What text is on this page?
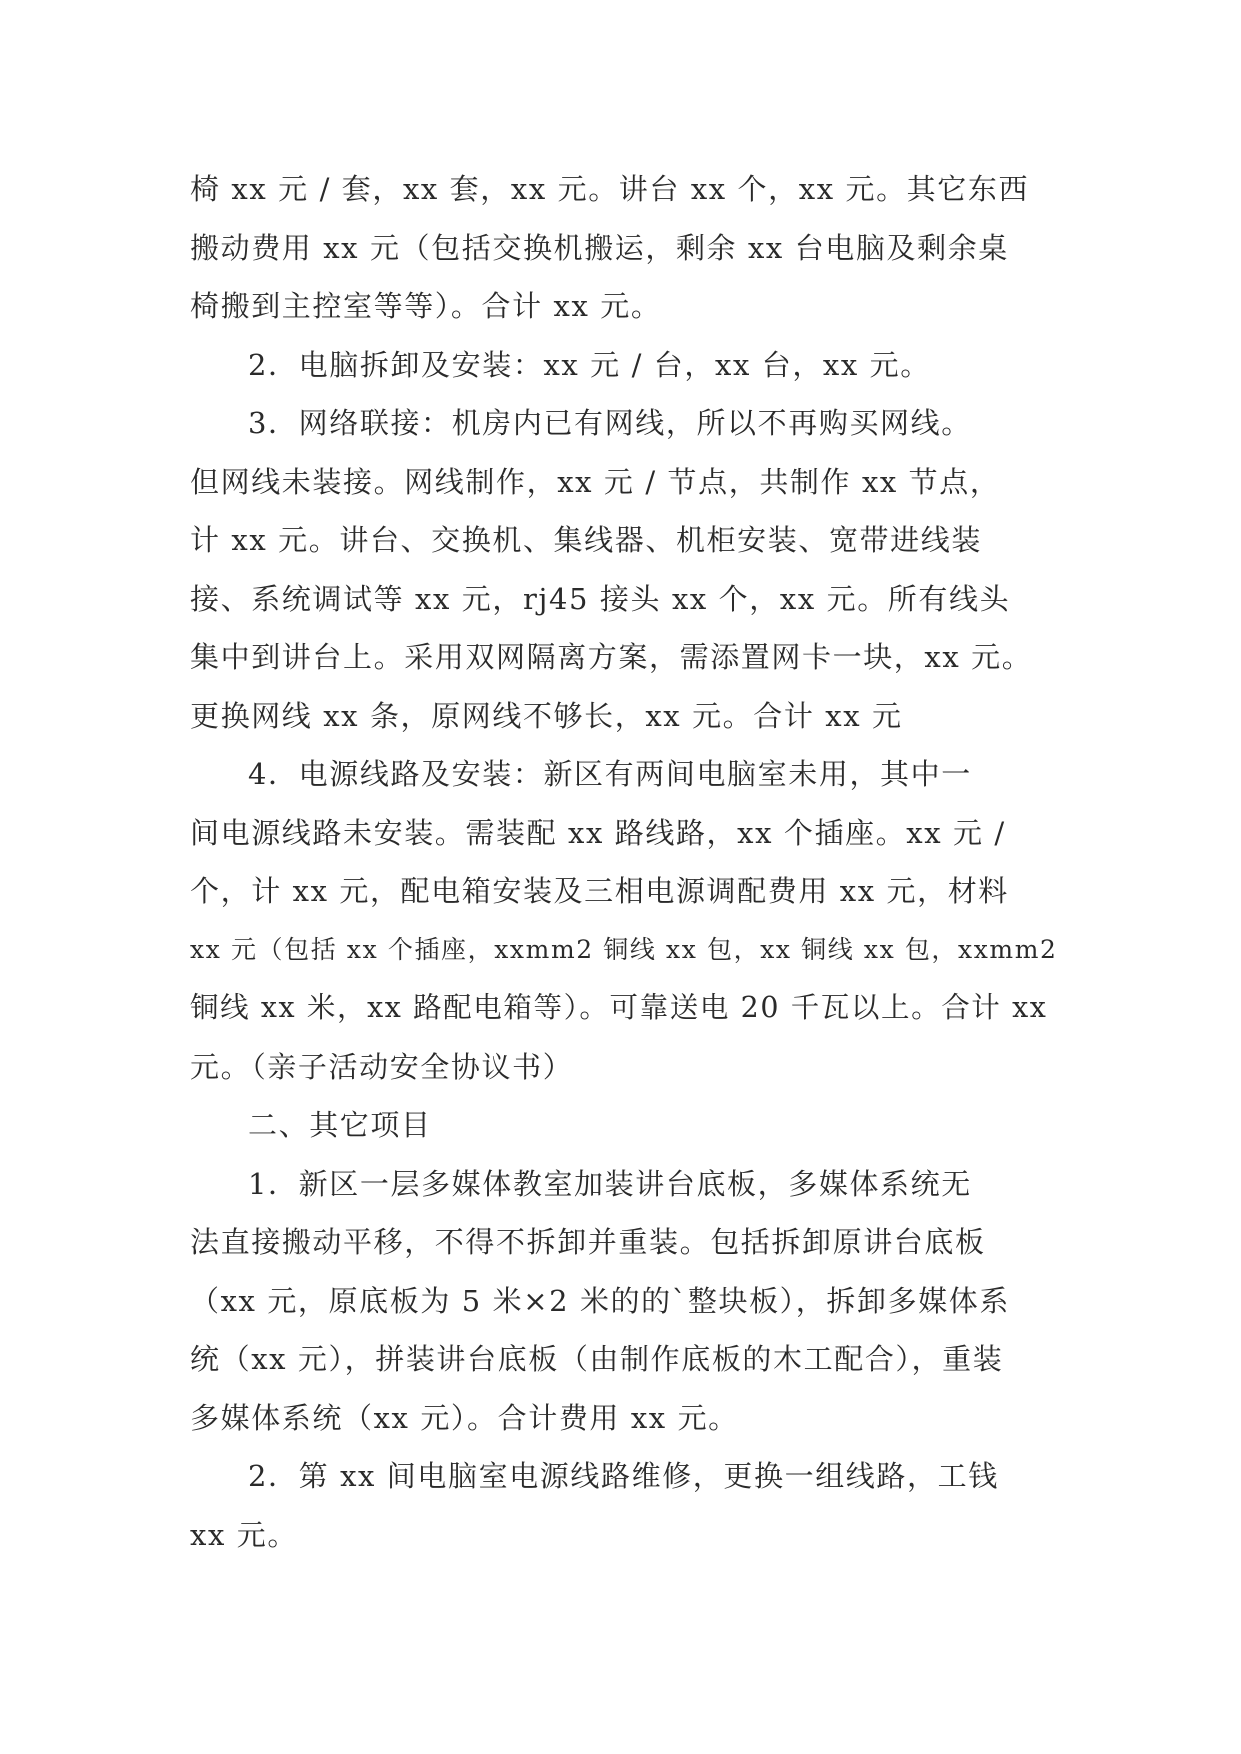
椅 xx 元 / 套，xx 套，xx 元。讲台 xx 个，xx 元。其它东西
搬动费用 xx 元（包括交换机搬运，剩余 xx 台电脑及剩余桌
椅搬到主控室等等）。合计 xx 元。
2．电脑拆卸及安装：xx 元 / 台，xx 台，xx 元。
3．网络联接：机房内已有网线，所以不再购买网线。
但网线未装接。网线制作，xx 元 / 节点，共制作 xx 节点，
计 xx 元。讲台、交换机、集线器、机柜安装、宽带进线装
接、系统调试等 xx 元，rj45 接头 xx 个，xx 元。所有线头
集中到讲台上。采用双网隔离方案，需添置网卡一块，xx 元。
更换网线 xx 条，原网线不够长，xx 元。合计 xx 元
4．电源线路及安装：新区有两间电脑室未用，其中一
间电源线路未安装。需装配 xx 路线路，xx 个插座。xx 元 /
个，计 xx 元，配电箱安装及三相电源调配费用 xx 元，材料
xx 元（包括 xx 个插座，xxmm2 铜线 xx 包，xx 铜线 xx 包，xxmm2
铜线 xx 米，xx 路配电箱等）。可靠送电 20 千瓦以上。合计 xx
元。（亲子活动安全协议书）
二、其它项目
1．新区一层多媒体教室加装讲台底板，多媒体系统无
法直接搬动平移，不得不拆卸并重装。包括拆卸原讲台底板
（xx 元，原底板为 5 米×2 米的的`整块板），拆卸多媒体系
统（xx 元），拼装讲台底板（由制作底板的木工配合），重装
多媒体系统（xx 元）。合计费用 xx 元。
2．第 xx 间电脑室电源线路维修，更换一组线路，工钱
xx 元。
